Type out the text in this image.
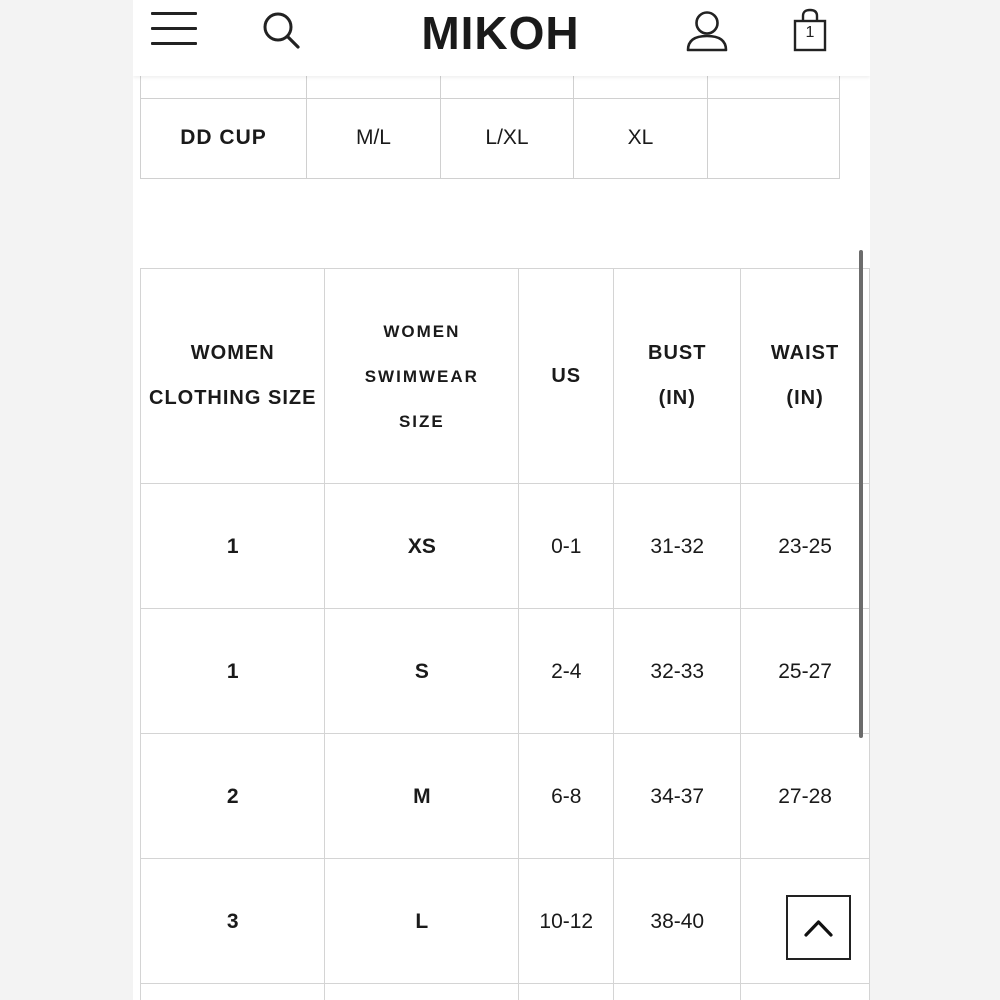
MIKOH	1

DD CUP	M/L	L/XL	XL	
WOMEN CLOTHING SIZE	WOMEN SWIMWEAR SIZE	US	BUST (IN)	WAIST (IN)
1	XS	0-1	31-32	23-25
1	S	2-4	32-33	25-27
2	M	6-8	34-37	27-28
3	L	10-12	38-40	
